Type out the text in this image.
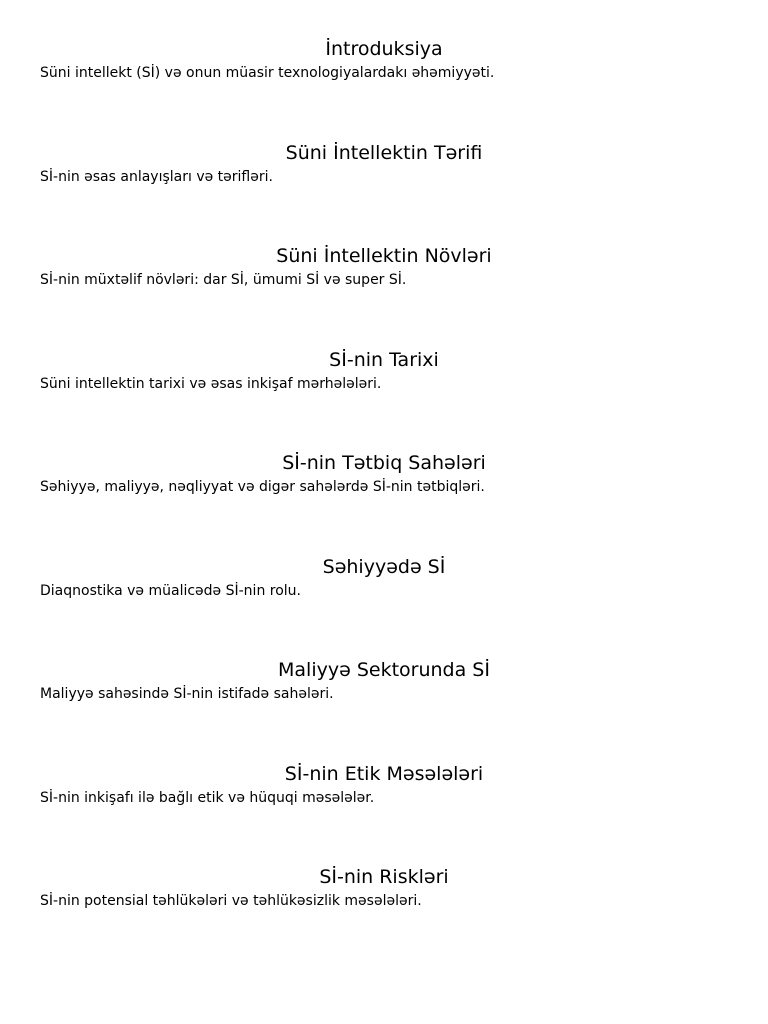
İntroduksiya

Süni intellekt (Sİ) və onun müasir texnologiyalardakı əhəmiyyəti.

Süni İntellektin Tərifi

Sİ-nin əsas anlayışları və tərifləri.

Süni İntellektin Növləri

Sİ-nin müxtəlif növləri: dar Sİ, ümumi Sİ və super Sİ.

Sİ-nin Tarixi

Süni intellektin tarixi və əsas inkişaf mərhələləri.

Sİ-nin Tətbiq Sahələri

Səhiyyə, maliyyə, nəqliyyat və digər sahələrdə Sİ-nin tətbiqləri.

Səhiyyədə Sİ

Diaqnostika və müalicədə Sİ-nin rolu.

Maliyyə Sektorunda Sİ

Maliyyə sahəsində Sİ-nin istifadə sahələri.

Sİ-nin Etik Məsələləri

Sİ-nin inkişafı ilə bağlı etik və hüquqi məsələlər.

Sİ-nin Riskləri

Sİ-nin potensial təhlükələri və təhlükəsizlik məsələləri.
